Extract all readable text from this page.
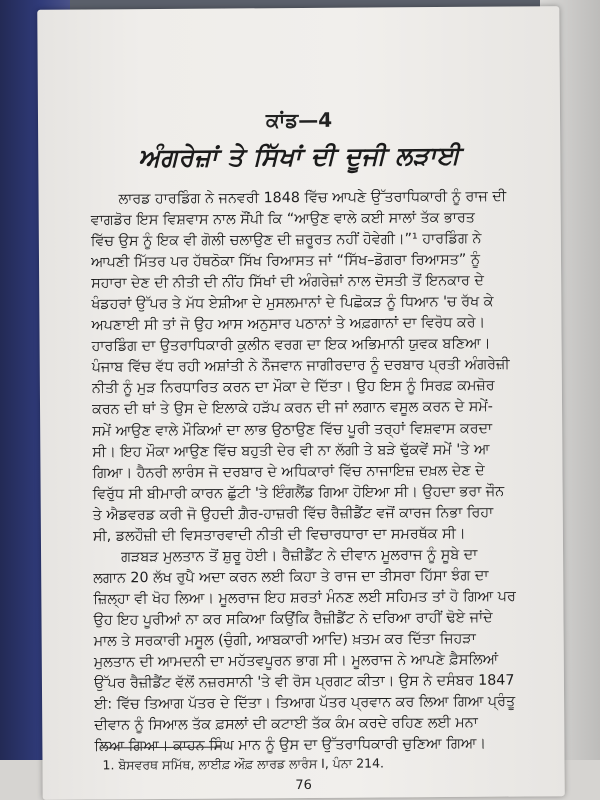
ਕਾਂਡ—4
ਅੰਗਰੇਜ਼ਾਂ ਤੇ ਸਿੱਖਾਂ ਦੀ ਦੂਜੀ ਲੜਾਈ
ਲਾਰਡ ਹਾਰਡਿੰਗ ਨੇ ਜਨਵਰੀ 1848 ਵਿੱਚ ਆਪਣੇ ਉੱਤਰਾਧਿਕਾਰੀ ਨੂੰ ਰਾਜ ਦੀ
ਵਾਗਡੋਰ ਇਸ ਵਿਸ਼ਵਾਸ ਨਾਲ ਸੌਂਪੀ ਕਿ “ਆਉਣ ਵਾਲੇ ਕਈ ਸਾਲਾਂ ਤੱਕ ਭਾਰਤ
ਵਿੱਚ ਉਸ ਨੂੰ ਇਕ ਵੀ ਗੋਲੀ ਚਲਾਉਣ ਦੀ ਜ਼ਰੂਰਤ ਨਹੀਂ ਹੋਵੇਗੀ।”¹ ਹਾਰਡਿੰਗ ਨੇ
ਆਪਣੀ ਮਿੱਤਰ ਪਰ ਹੱਥਠੋਕਾ ਸਿੱਖ ਰਿਆਸਤ ਜਾਂ “ਸਿੱਖ–ਡੋਗਰਾ ਰਿਆਸਤ” ਨੂੰ
ਸਹਾਰਾ ਦੇਣ ਦੀ ਨੀਤੀ ਦੀ ਨੀਂਹ ਸਿੱਖਾਂ ਦੀ ਅੰਗਰੇਜ਼ਾਂ ਨਾਲ ਦੋਸਤੀ ਤੋਂ ਇਨਕਾਰ ਦੇ
ਖੰਡਹਰਾਂ ਉੱਪਰ ਤੇ ਮੱਧ ਏਸ਼ੀਆ ਦੇ ਮੁਸਲਮਾਨਾਂ ਦੇ ਪਿਛੋਕੜ ਨੂੰ ਧਿਆਨ 'ਚ ਰੱਖ ਕੇ
ਅਪਣਾਈ ਸੀ ਤਾਂ ਜੋ ਉਹ ਆਸ ਅਨੁਸਾਰ ਪਠਾਨਾਂ ਤੇ ਅਫ਼ਗਾਨਾਂ ਦਾ ਵਿਰੋਧ ਕਰੇ।
ਹਾਰਡਿੰਗ ਦਾ ਉਤਰਾਧਿਕਾਰੀ ਕੁਲੀਨ ਵਰਗ ਦਾ ਇਕ ਅਭਿਮਾਨੀ ਯੁਵਕ ਬਣਿਆ।
ਪੰਜਾਬ ਵਿੱਚ ਵੱਧ ਰਹੀ ਅਸ਼ਾਂਤੀ ਨੇ ਨੌਜਵਾਨ ਜਾਗੀਰਦਾਰ ਨੂੰ ਦਰਬਾਰ ਪ੍ਰਤੀ ਅੰਗਰੇਜ਼ੀ
ਨੀਤੀ ਨੂੰ ਮੁੜ ਨਿਰਧਾਰਿਤ ਕਰਨ ਦਾ ਮੌਕਾ ਦੇ ਦਿੱਤਾ। ਉਹ ਇਸ ਨੂੰ ਸਿਰਫ਼ ਕਮਜ਼ੋਰ
ਕਰਨ ਦੀ ਥਾਂ ਤੇ ਉਸ ਦੇ ਇਲਾਕੇ ਹੜੱਪ ਕਰਨ ਦੀ ਜਾਂ ਲਗਾਨ ਵਸੂਲ ਕਰਨ ਦੇ ਸਮੇਂ-
ਸਮੇਂ ਆਉਣ ਵਾਲੇ ਮੌਕਿਆਂ ਦਾ ਲਾਭ ਉਠਾਉਣ ਵਿੱਚ ਪੂਰੀ ਤਰ੍ਹਾਂ ਵਿਸ਼ਵਾਸ ਕਰਦਾ
ਸੀ। ਇਹ ਮੌਕਾ ਆਉਣ ਵਿੱਚ ਬਹੁਤੀ ਦੇਰ ਵੀ ਨਾ ਲੱਗੀ ਤੇ ਬੜੇ ਢੁੱਕਵੇਂ ਸਮੇਂ 'ਤੇ ਆ
ਗਿਆ। ਹੈਨਰੀ ਲਾਰੰਸ ਜੋ ਦਰਬਾਰ ਦੇ ਅਧਿਕਾਰਾਂ ਵਿੱਚ ਨਾਜਾਇਜ਼ ਦਖ਼ਲ ਦੇਣ ਦੇ
ਵਿਰੁੱਧ ਸੀ ਬੀਮਾਰੀ ਕਾਰਨ ਛੁੱਟੀ 'ਤੇ ਇੰਗਲੈਂਡ ਗਿਆ ਹੋਇਆ ਸੀ। ਉਹਦਾ ਭਰਾ ਜੌਨ
ਤੇ ਐਡਵਰਡ ਕਰੀ ਜੋ ਉਹਦੀ ਗ਼ੈਰ-ਹਾਜ਼ਰੀ ਵਿੱਚ ਰੈਜ਼ੀਡੈਂਟ ਵਜੋਂ ਕਾਰਜ ਨਿਭਾ ਰਿਹਾ
ਸੀ, ਡਲਹੌਜ਼ੀ ਦੀ ਵਿਸਤਾਰਵਾਦੀ ਨੀਤੀ ਦੀ ਵਿਚਾਰਧਾਰਾ ਦਾ ਸਮਰਥੱਕ ਸੀ।
ਗੜਬੜ ਮੁਲਤਾਨ ਤੋਂ ਸ਼ੁਰੂ ਹੋਈ। ਰੈਜ਼ੀਡੈਂਟ ਨੇ ਦੀਵਾਨ ਮੂਲਰਾਜ ਨੂੰ ਸੂਬੇ ਦਾ
ਲਗਾਨ 20 ਲੱਖ ਰੁਪੈ ਅਦਾ ਕਰਨ ਲਈ ਕਿਹਾ ਤੇ ਰਾਜ ਦਾ ਤੀਸਰਾ ਹਿੱਸਾ ਝੰਗ ਦਾ
ਜ਼ਿਲ੍ਹਾ ਵੀ ਖੋਹ ਲਿਆ। ਮੂਲਰਾਜ ਇਹ ਸ਼ਰਤਾਂ ਮੰਨਣ ਲਈ ਸਹਿਮਤ ਤਾਂ ਹੋ ਗਿਆ ਪਰ
ਉਹ ਇਹ ਪੂਰੀਆਂ ਨਾ ਕਰ ਸਕਿਆ ਕਿਉਂਕਿ ਰੈਜ਼ੀਡੈਂਟ ਨੇ ਦਰਿਆ ਰਾਹੀਂ ਢੋਏ ਜਾਂਦੇ
ਮਾਲ ਤੇ ਸਰਕਾਰੀ ਮਸੂਲ (ਚੁੰਗੀ, ਆਬਕਾਰੀ ਆਦਿ) ਖ਼ਤਮ ਕਰ ਦਿੱਤਾ ਜਿਹੜਾ
ਮੁਲਤਾਨ ਦੀ ਆਮਦਨੀ ਦਾ ਮਹੱਤਵਪੂਰਨ ਭਾਗ ਸੀ। ਮੂਲਰਾਜ ਨੇ ਆਪਣੇ ਫ਼ੈਸਲਿਆਂ
ਉੱਪਰ ਰੈਜ਼ੀਡੈਂਟ ਵੱਲੋਂ ਨਜ਼ਰਸਾਨੀ 'ਤੇ ਵੀ ਰੋਸ ਪ੍ਰਗਟ ਕੀਤਾ। ਉਸ ਨੇ ਦਸੰਬਰ 1847
ਈ: ਵਿੱਚ ਤਿਆਗ ਪੱਤਰ ਦੇ ਦਿੱਤਾ। ਤਿਆਗ ਪੱਤਰ ਪ੍ਰਵਾਨ ਕਰ ਲਿਆ ਗਿਆ ਪ੍ਰੰਤੂ
ਦੀਵਾਨ ਨੂੰ ਸਿਆਲ ਤੱਕ ਫ਼ਸਲਾਂ ਦੀ ਕਟਾਈ ਤੱਕ ਕੰਮ ਕਰਦੇ ਰਹਿਣ ਲਈ ਮਨਾ
ਲਿਆ ਗਿਆ। ਕਾਹਨ ਸਿੰਘ ਮਾਨ ਨੂੰ ਉਸ ਦਾ ਉੱਤਰਾਧਿਕਾਰੀ ਚੁਣਿਆ ਗਿਆ।
1. ਬੋਸਵਰਥ ਸਮਿੱਥ, ਲਾਈਫ਼ ਔਫ਼ ਲਾਰਡ ਲਾਰੰਸ I, ਪੰਨਾ 214.
76
